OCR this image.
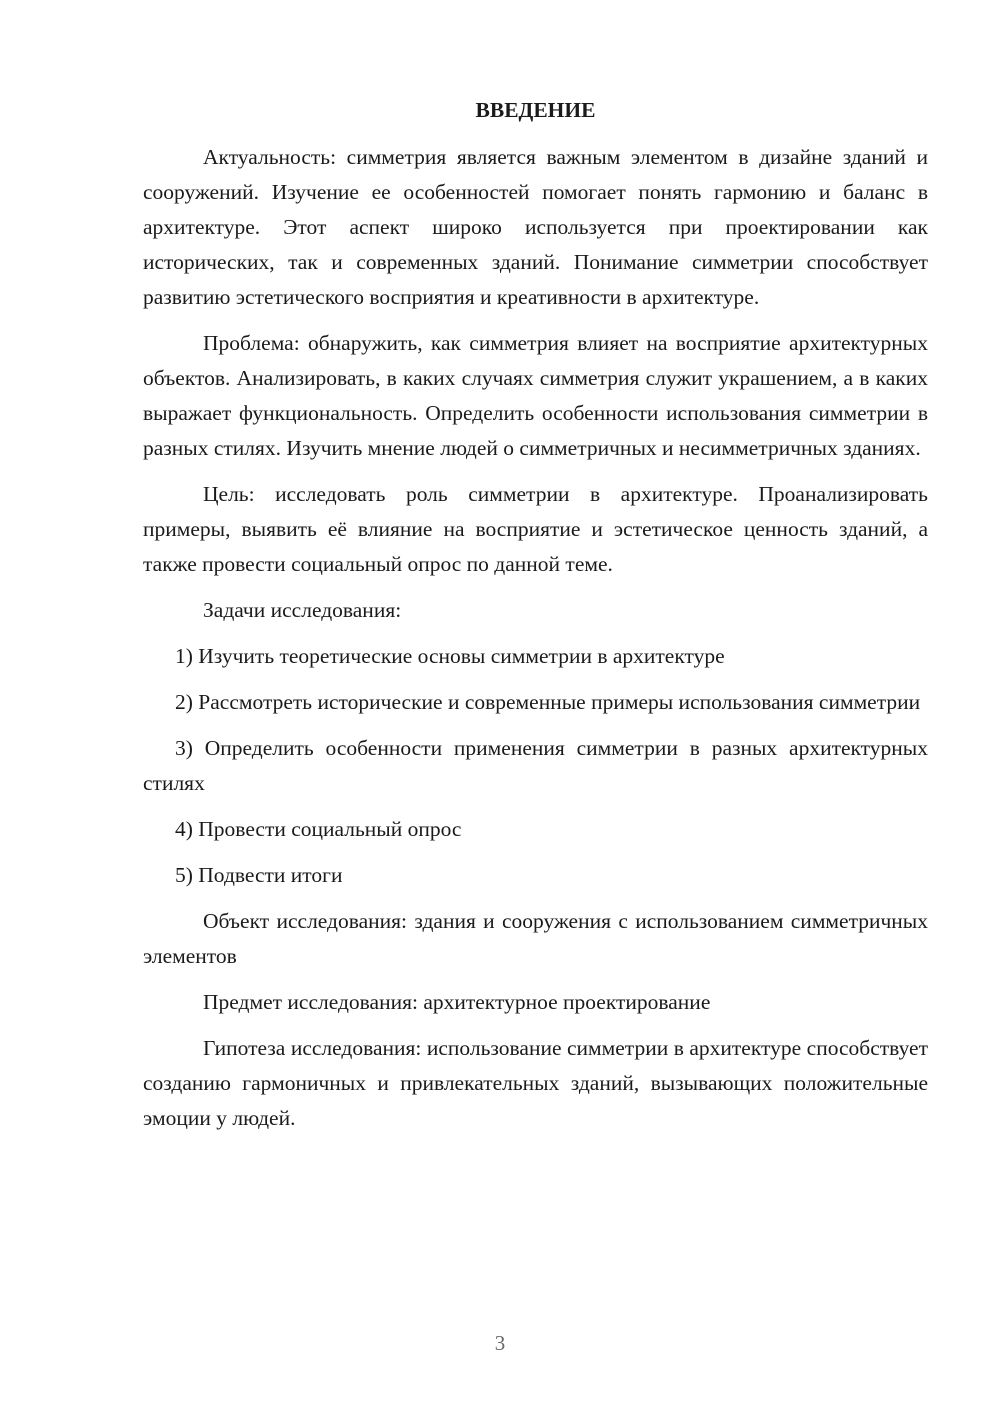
ВВЕДЕНИЕ

Актуальность: симметрия является важным элементом в дизайне зданий и сооружений. Изучение ее особенностей помогает понять гармонию и баланс в архитектуре. Этот аспект широко используется при проектировании как исторических, так и современных зданий. Понимание симметрии способствует развитию эстетического восприятия и креативности в архитектуре.

Проблема: обнаружить, как симметрия влияет на восприятие архитектурных объектов. Анализировать, в каких случаях симметрия служит украшением, а в каких выражает функциональность. Определить особенности использования симметрии в разных стилях. Изучить мнение людей о симметричных и несимметричных зданиях.

Цель: исследовать роль симметрии в архитектуре. Проанализировать примеры, выявить её влияние на восприятие и эстетическое ценность зданий, а также провести социальный опрос по данной теме.

Задачи исследования:

1) Изучить теоретические основы симметрии в архитектуре

2) Рассмотреть исторические и современные примеры использования симметрии

3) Определить особенности применения симметрии в разных архитектурных стилях

4) Провести социальный опрос

5) Подвести итоги

Объект исследования: здания и сооружения с использованием симметричных элементов

Предмет исследования: архитектурное проектирование

Гипотеза исследования: использование симметрии в архитектуре способствует созданию гармоничных и привлекательных зданий, вызывающих положительные эмоции у людей.

3
